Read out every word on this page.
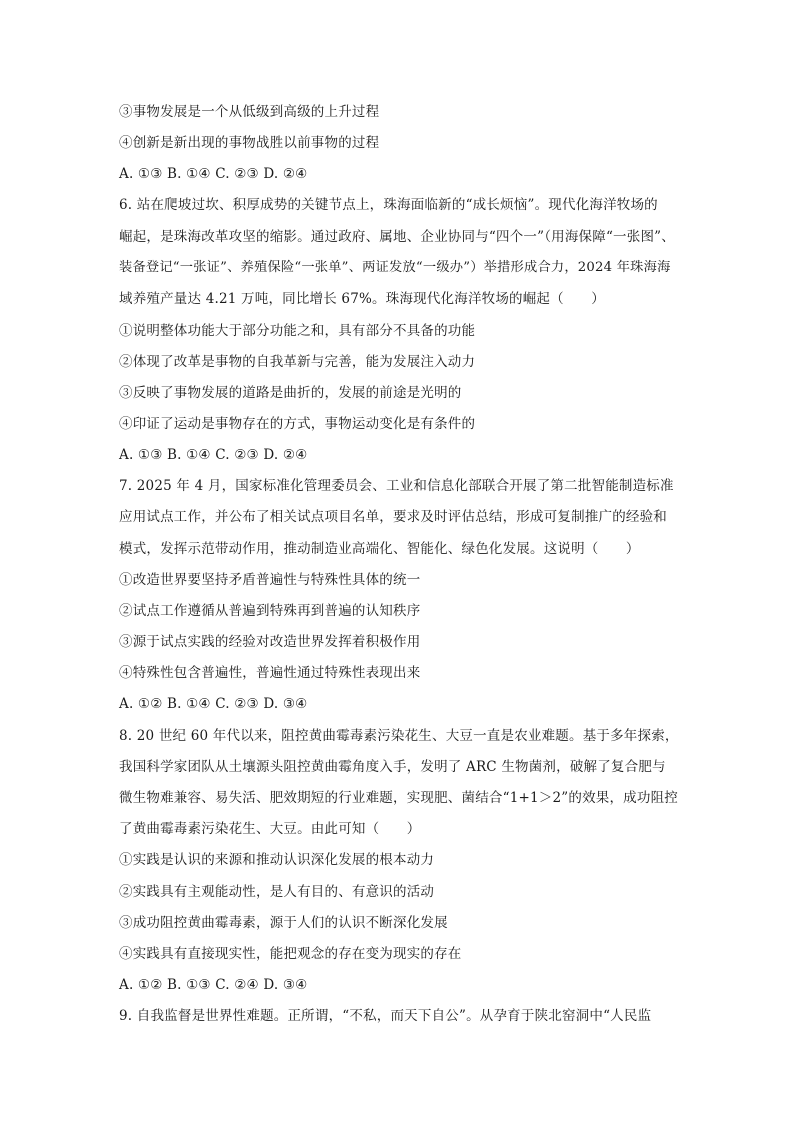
③事物发展是一个从低级到高级的上升过程
④创新是新出现的事物战胜以前事物的过程
A. ①③ B. ①④ C. ②③ D. ②④
6. 站在爬坡过坎、积厚成势的关键节点上，珠海面临新的“成长烦恼”。现代化海洋牧场的
崛起，是珠海改革攻坚的缩影。通过政府、属地、企业协同与“四个一”（用海保障“一张图”、
装备登记“一张证”、养殖保险“一张单”、两证发放“一级办”）举措形成合力，2024 年珠海海
域养殖产量达 4.21 万吨，同比增长 67%。珠海现代化海洋牧场的崛起（　　）
①说明整体功能大于部分功能之和，具有部分不具备的功能
②体现了改革是事物的自我革新与完善，能为发展注入动力
③反映了事物发展的道路是曲折的，发展的前途是光明的
④印证了运动是事物存在的方式，事物运动变化是有条件的
A. ①③ B. ①④ C. ②③ D. ②④
7. 2025 年 4 月，国家标准化管理委员会、工业和信息化部联合开展了第二批智能制造标准
应用试点工作，并公布了相关试点项目名单，要求及时评估总结，形成可复制推广的经验和
模式，发挥示范带动作用，推动制造业高端化、智能化、绿色化发展。这说明（　　）
①改造世界要坚持矛盾普遍性与特殊性具体的统一
②试点工作遵循从普遍到特殊再到普遍的认知秩序
③源于试点实践的经验对改造世界发挥着积极作用
④特殊性包含普遍性，普遍性通过特殊性表现出来
A. ①② B. ①④ C. ②③ D. ③④
8. 20 世纪 60 年代以来，阻控黄曲霉毒素污染花生、大豆一直是农业难题。基于多年探索，
我国科学家团队从土壤源头阻控黄曲霉角度入手，发明了 ARC 生物菌剂，破解了复合肥与
微生物难兼容、易失活、肥效期短的行业难题，实现肥、菌结合“1+1＞2”的效果，成功阻控
了黄曲霉毒素污染花生、大豆。由此可知（　　）
①实践是认识的来源和推动认识深化发展的根本动力
②实践具有主观能动性，是人有目的、有意识的活动
③成功阻控黄曲霉毒素，源于人们的认识不断深化发展
④实践具有直接现实性，能把观念的存在变为现实的存在
A. ①② B. ①③ C. ②④ D. ③④
9. 自我监督是世界性难题。正所谓，“不私，而天下自公”。从孕育于陕北窑洞中“人民监
